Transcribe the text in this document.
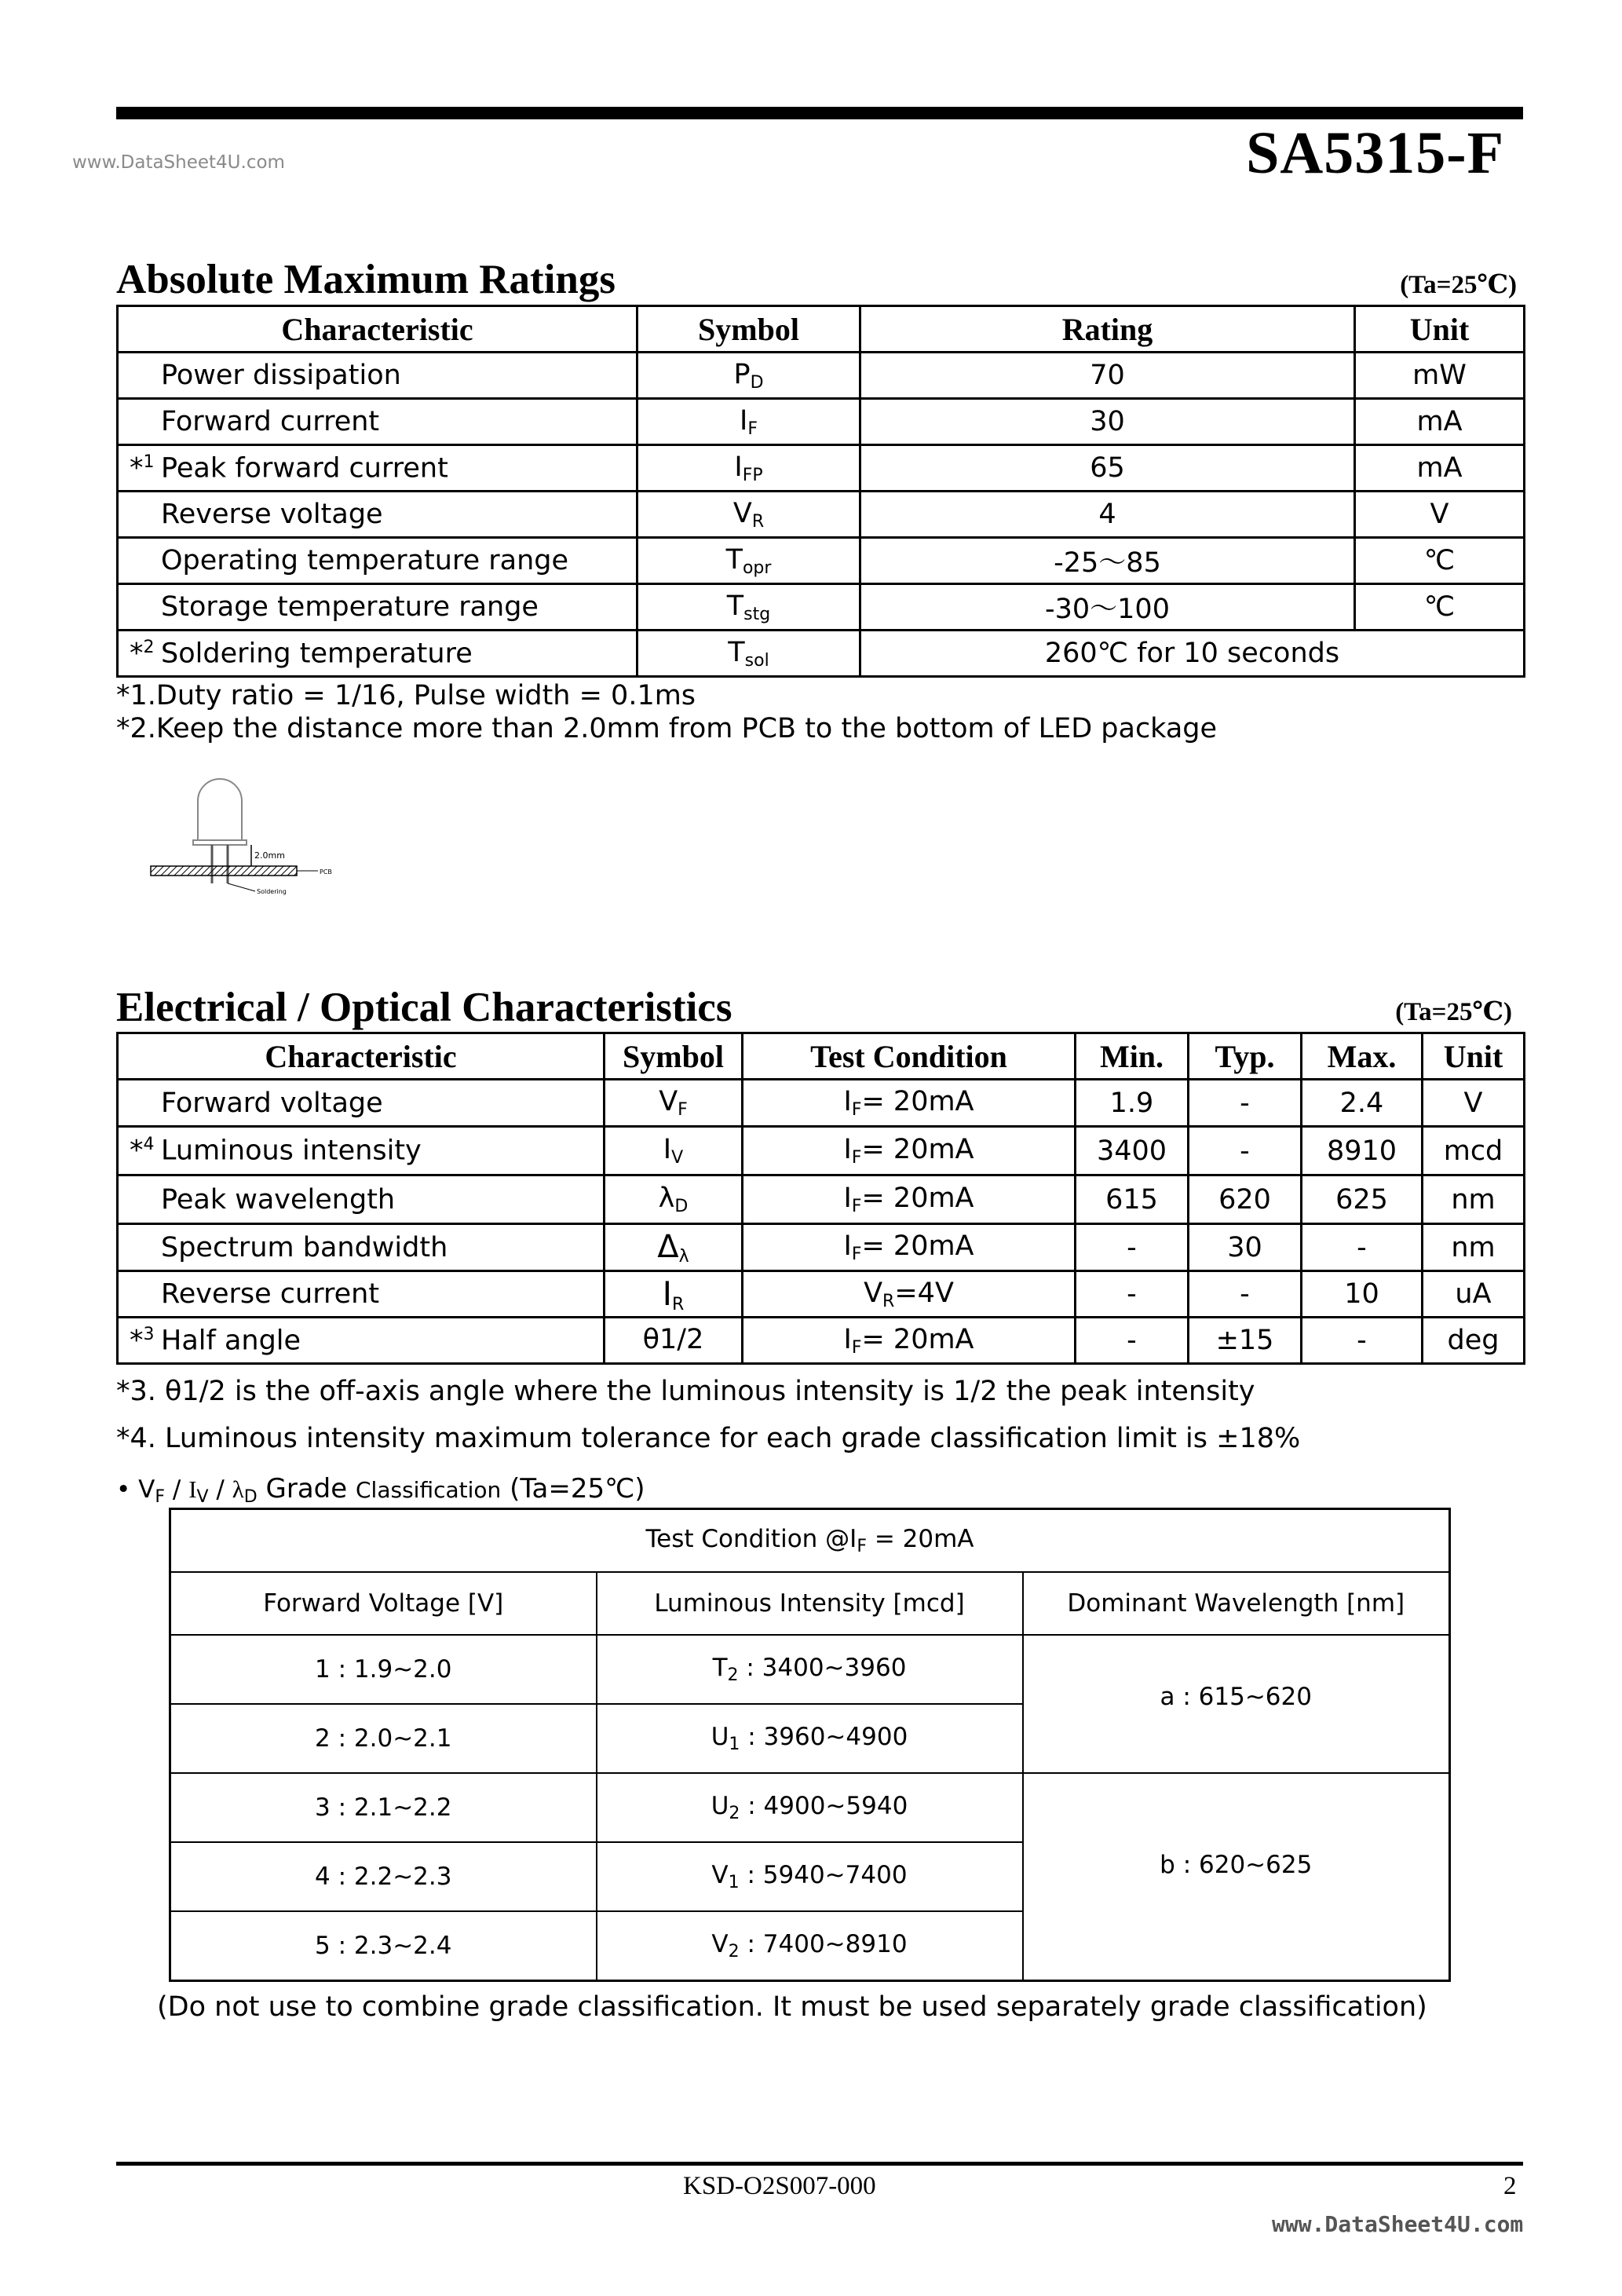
www.DataSheet4U.com	SA5315-F
Absolute Maximum Ratings	(Ta=25℃)
Characteristic	Symbol	Rating	Unit
Power dissipation	$P_D$	70	mW
Forward current	$I_F$	30	mA
*$^1$ Peak forward current	$I_{FP}$	65	mA
Reverse voltage	$V_R$	4	V
Operating temperature range	$T_{opr}$	-25～85	℃
Storage temperature range	$T_{stg}$	-30～100	℃
*$^2$ Soldering temperature	$T_{sol}$	260℃ for 10 seconds	
*1.Duty ratio = 1/16, Pulse width = 0.1ms
*2.Keep the distance more than 2.0mm from PCB to the bottom of LED package
2.0mm
PCB
Soldering
Electrical / Optical Characteristics	(Ta=25℃)
Characteristic	Symbol	Test Condition	Min.	Typ.	Max.	Unit
Forward voltage	$V_F$	$I_F= 20mA$	1.9	-	2.4	V
*$^4$ Luminous intensity	$I_V$	$I_F= 20mA$	3400	-	8910	mcd
Peak wavelength	$\lambda_D$	$I_F= 20mA$	615	620	625	nm
Spectrum bandwidth	$\Delta_\lambda$	$I_F= 20mA$	-	30	-	nm
Reverse current	$I_R$	$V_R=4V$	-	-	10	uA
*$^3$ Half angle	θ1/2	$I_F= 20mA$	-	±15	-	deg
*3. θ1/2 is the off-axis angle where the luminous intensity is 1/2 the peak intensity
*4. Luminous intensity maximum tolerance for each grade classification limit is ±18%
• $V_F / I_V / \lambda_D$ Grade Classification (Ta=25℃)
Test Condition $@I_F = 20mA$		
Forward Voltage [V]	Luminous Intensity [mcd]	Dominant Wavelength [nm]
1 : 1.9~2.0	$T_2$ : 3400~3960	a : 615~620
2 : 2.0~2.1	$U_1$ : 3960~4900	
3 : 2.1~2.2	$U_2$ : 4900~5940	b : 620~625
4 : 2.2~2.3	$V_1$ : 5940~7400	
5 : 2.3~2.4	$V_2$ : 7400~8910	
(Do not use to combine grade classification. It must be used separately grade classification)
KSD-O2S007-000	2
www.DataSheet4U.com
